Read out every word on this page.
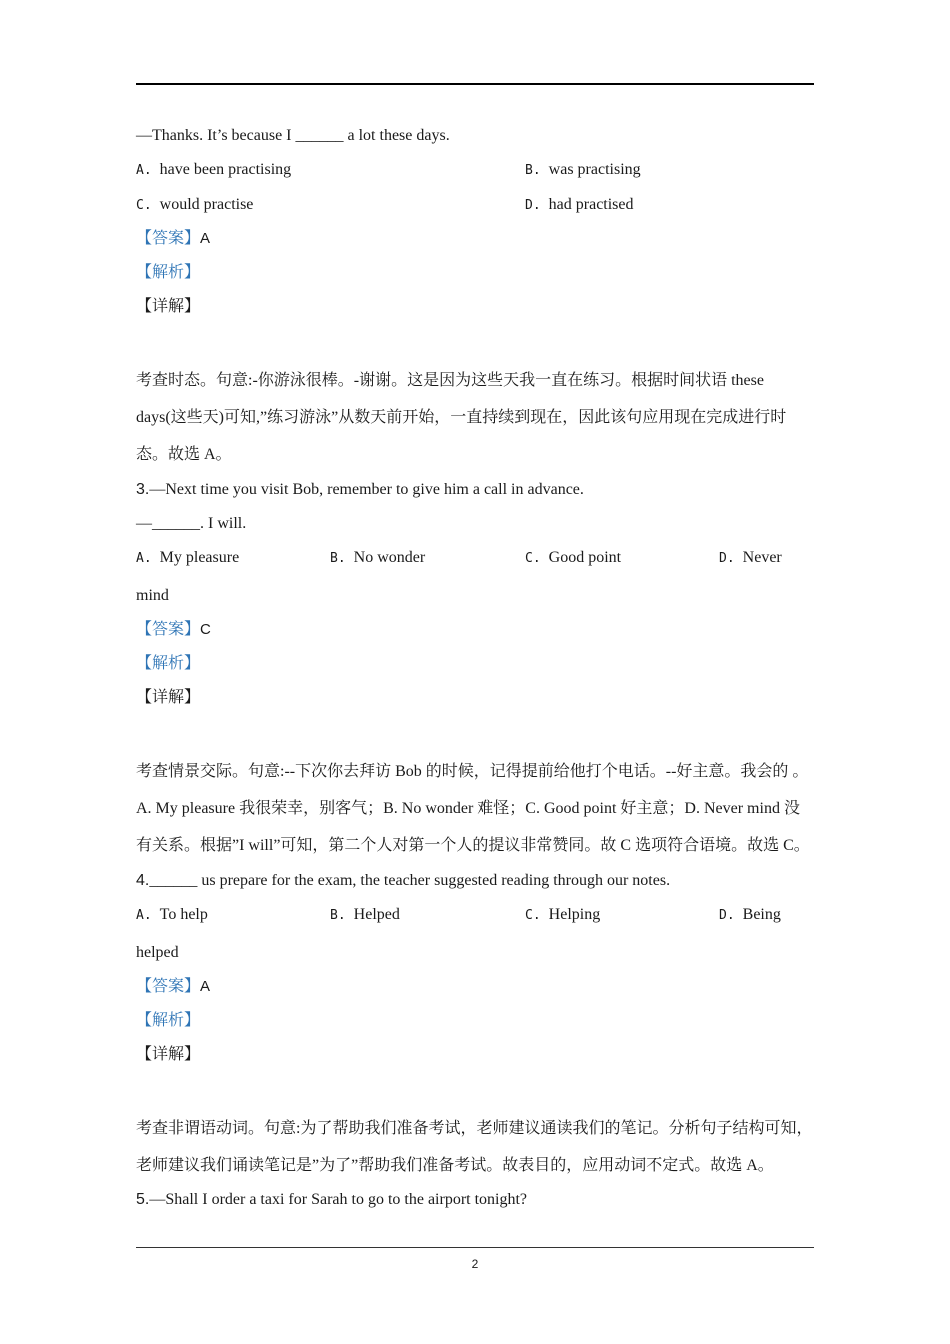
—Thanks. It’s because I ______ a lot these days.
A. have been practising	B. was practising
C. would practise	D. had practised
【答案】A
【解析】
【详解】
考查时态。句意:-你游泳很棒。-谢谢。这是因为这些天我一直在练习。根据时间状语 these
days(这些天)可知,”练习游泳”从数天前开始，一直持续到现在，因此该句应用现在完成进行时
态。故选 A。
3.—Next time you visit Bob, remember to give him a call in advance.
—______. I will.
A. My pleasure	B. No wonder	C. Good point	D. Never
mind
【答案】C
【解析】
【详解】
考查情景交际。句意:--下次你去拜访 Bob 的时候，记得提前给他打个电话。--好主意。我会的 。
A. My pleasure 我很荣幸，别客气；B. No wonder 难怪；C. Good point 好主意；D. Never mind 没
有关系。根据”I will”可知，第二个人对第一个人的提议非常赞同。故 C 选项符合语境。故选 C。
4.______ us prepare for the exam, the teacher suggested reading through our notes.
A. To help	B. Helped	C. Helping	D. Being
helped
【答案】A
【解析】
【详解】
考查非谓语动词。句意:为了帮助我们准备考试，老师建议通读我们的笔记。分析句子结构可知，
老师建议我们诵读笔记是”为了”帮助我们准备考试。故表目的，应用动词不定式。故选 A。
5.—Shall I order a taxi for Sarah to go to the airport tonight?
2
